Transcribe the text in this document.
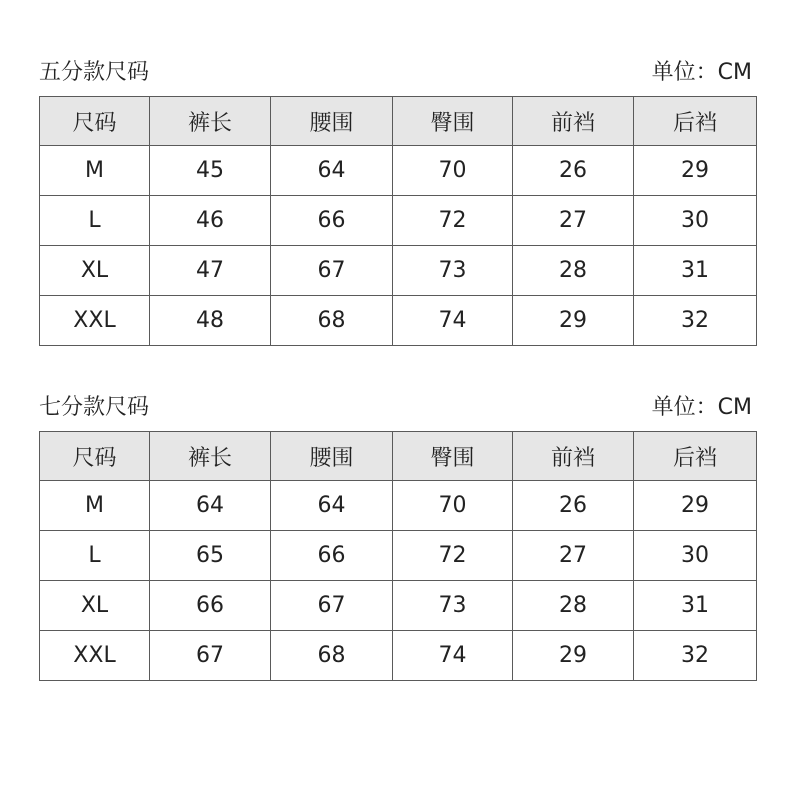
五分款尺码	单位：CM
尺码	裤长	腰围	臀围	前裆	后裆
M	45	64	70	26	29
L	46	66	72	27	30
XL	47	67	73	28	31
XXL	48	68	74	29	32
七分款尺码	单位：CM
尺码	裤长	腰围	臀围	前裆	后裆
M	64	64	70	26	29
L	65	66	72	27	30
XL	66	67	73	28	31
XXL	67	68	74	29	32
